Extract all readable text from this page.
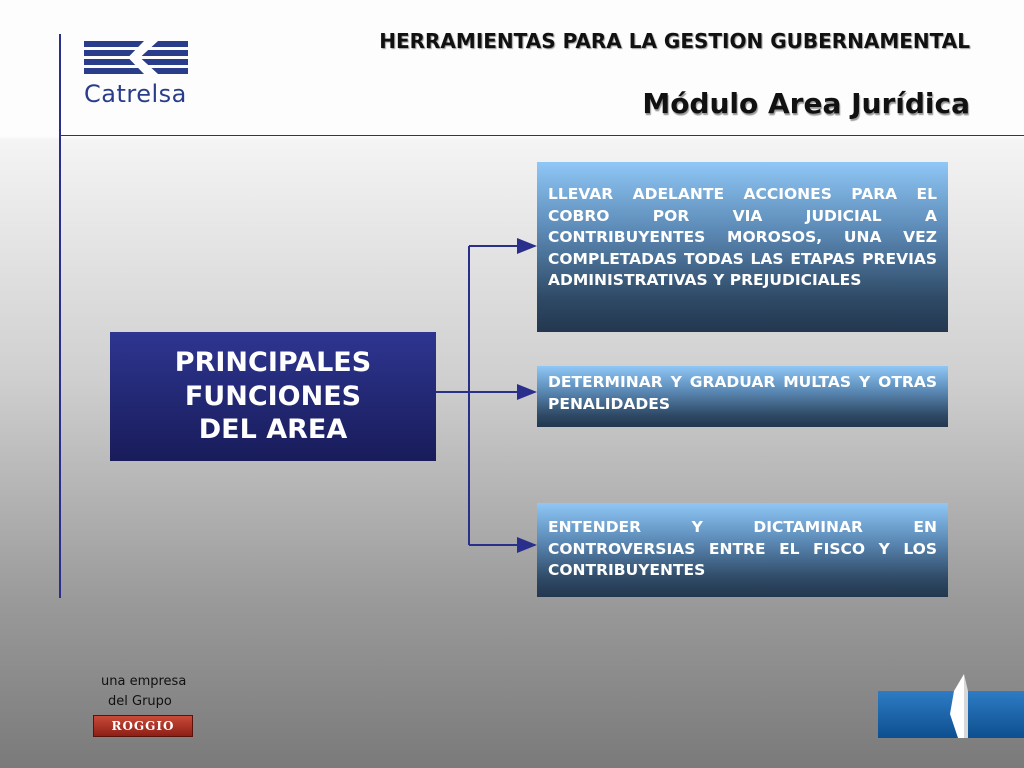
Catrelsa
HERRAMIENTAS PARA LA GESTION GUBERNAMENTAL
Módulo Area Jurídica
PRINCIPALES
FUNCIONES
DEL AREA
LLEVAR ADELANTE ACCIONES PARA EL COBRO POR VIA JUDICIAL A CONTRIBUYENTES MOROSOS, UNA VEZ COMPLETADAS TODAS LAS ETAPAS PREVIAS ADMINISTRATIVAS Y PREJUDICIALES
DETERMINAR Y GRADUAR MULTAS Y OTRAS PENALIDADES
ENTENDER Y DICTAMINAR EN CONTROVERSIAS ENTRE EL FISCO Y LOS CONTRIBUYENTES
una empresa
del Grupo
ROGGIO
